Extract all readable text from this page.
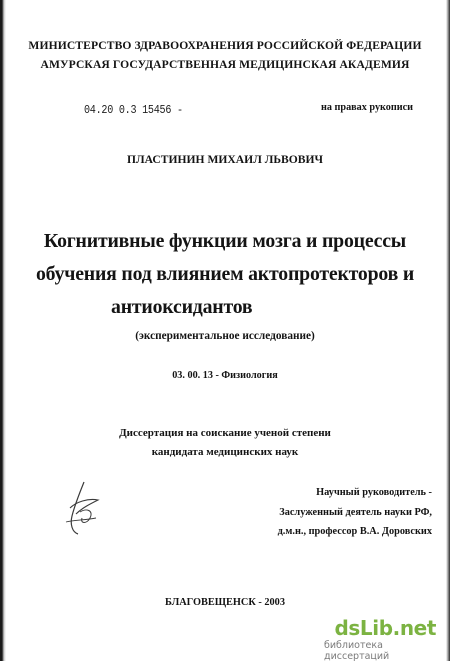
МИНИСТЕРСТВО ЗДРАВООХРАНЕНИЯ РОССИЙСКОЙ ФЕДЕРАЦИИ
АМУРСКАЯ ГОСУДАРСТВЕННАЯ МЕДИЦИНСКАЯ АКАДЕМИЯ
04.20 0.3 15456 -	на правах рукописи
ПЛАСТИНИН МИХАИЛ ЛЬВОВИЧ
Когнитивные функции мозга и процессы
обучения под влиянием актопротекторов и
антиоксидантов
(экспериментальное исследование)
03. 00. 13 - Физиология
Диссертация на соискание ученой степени
кандидата медицинских наук
Научный руководитель -
Заслуженный деятель науки РФ,
д.м.н., профессор В.А. Доровских
БЛАГОВЕЩЕНСК - 2003
dsLib.net
библиотека диссертаций
